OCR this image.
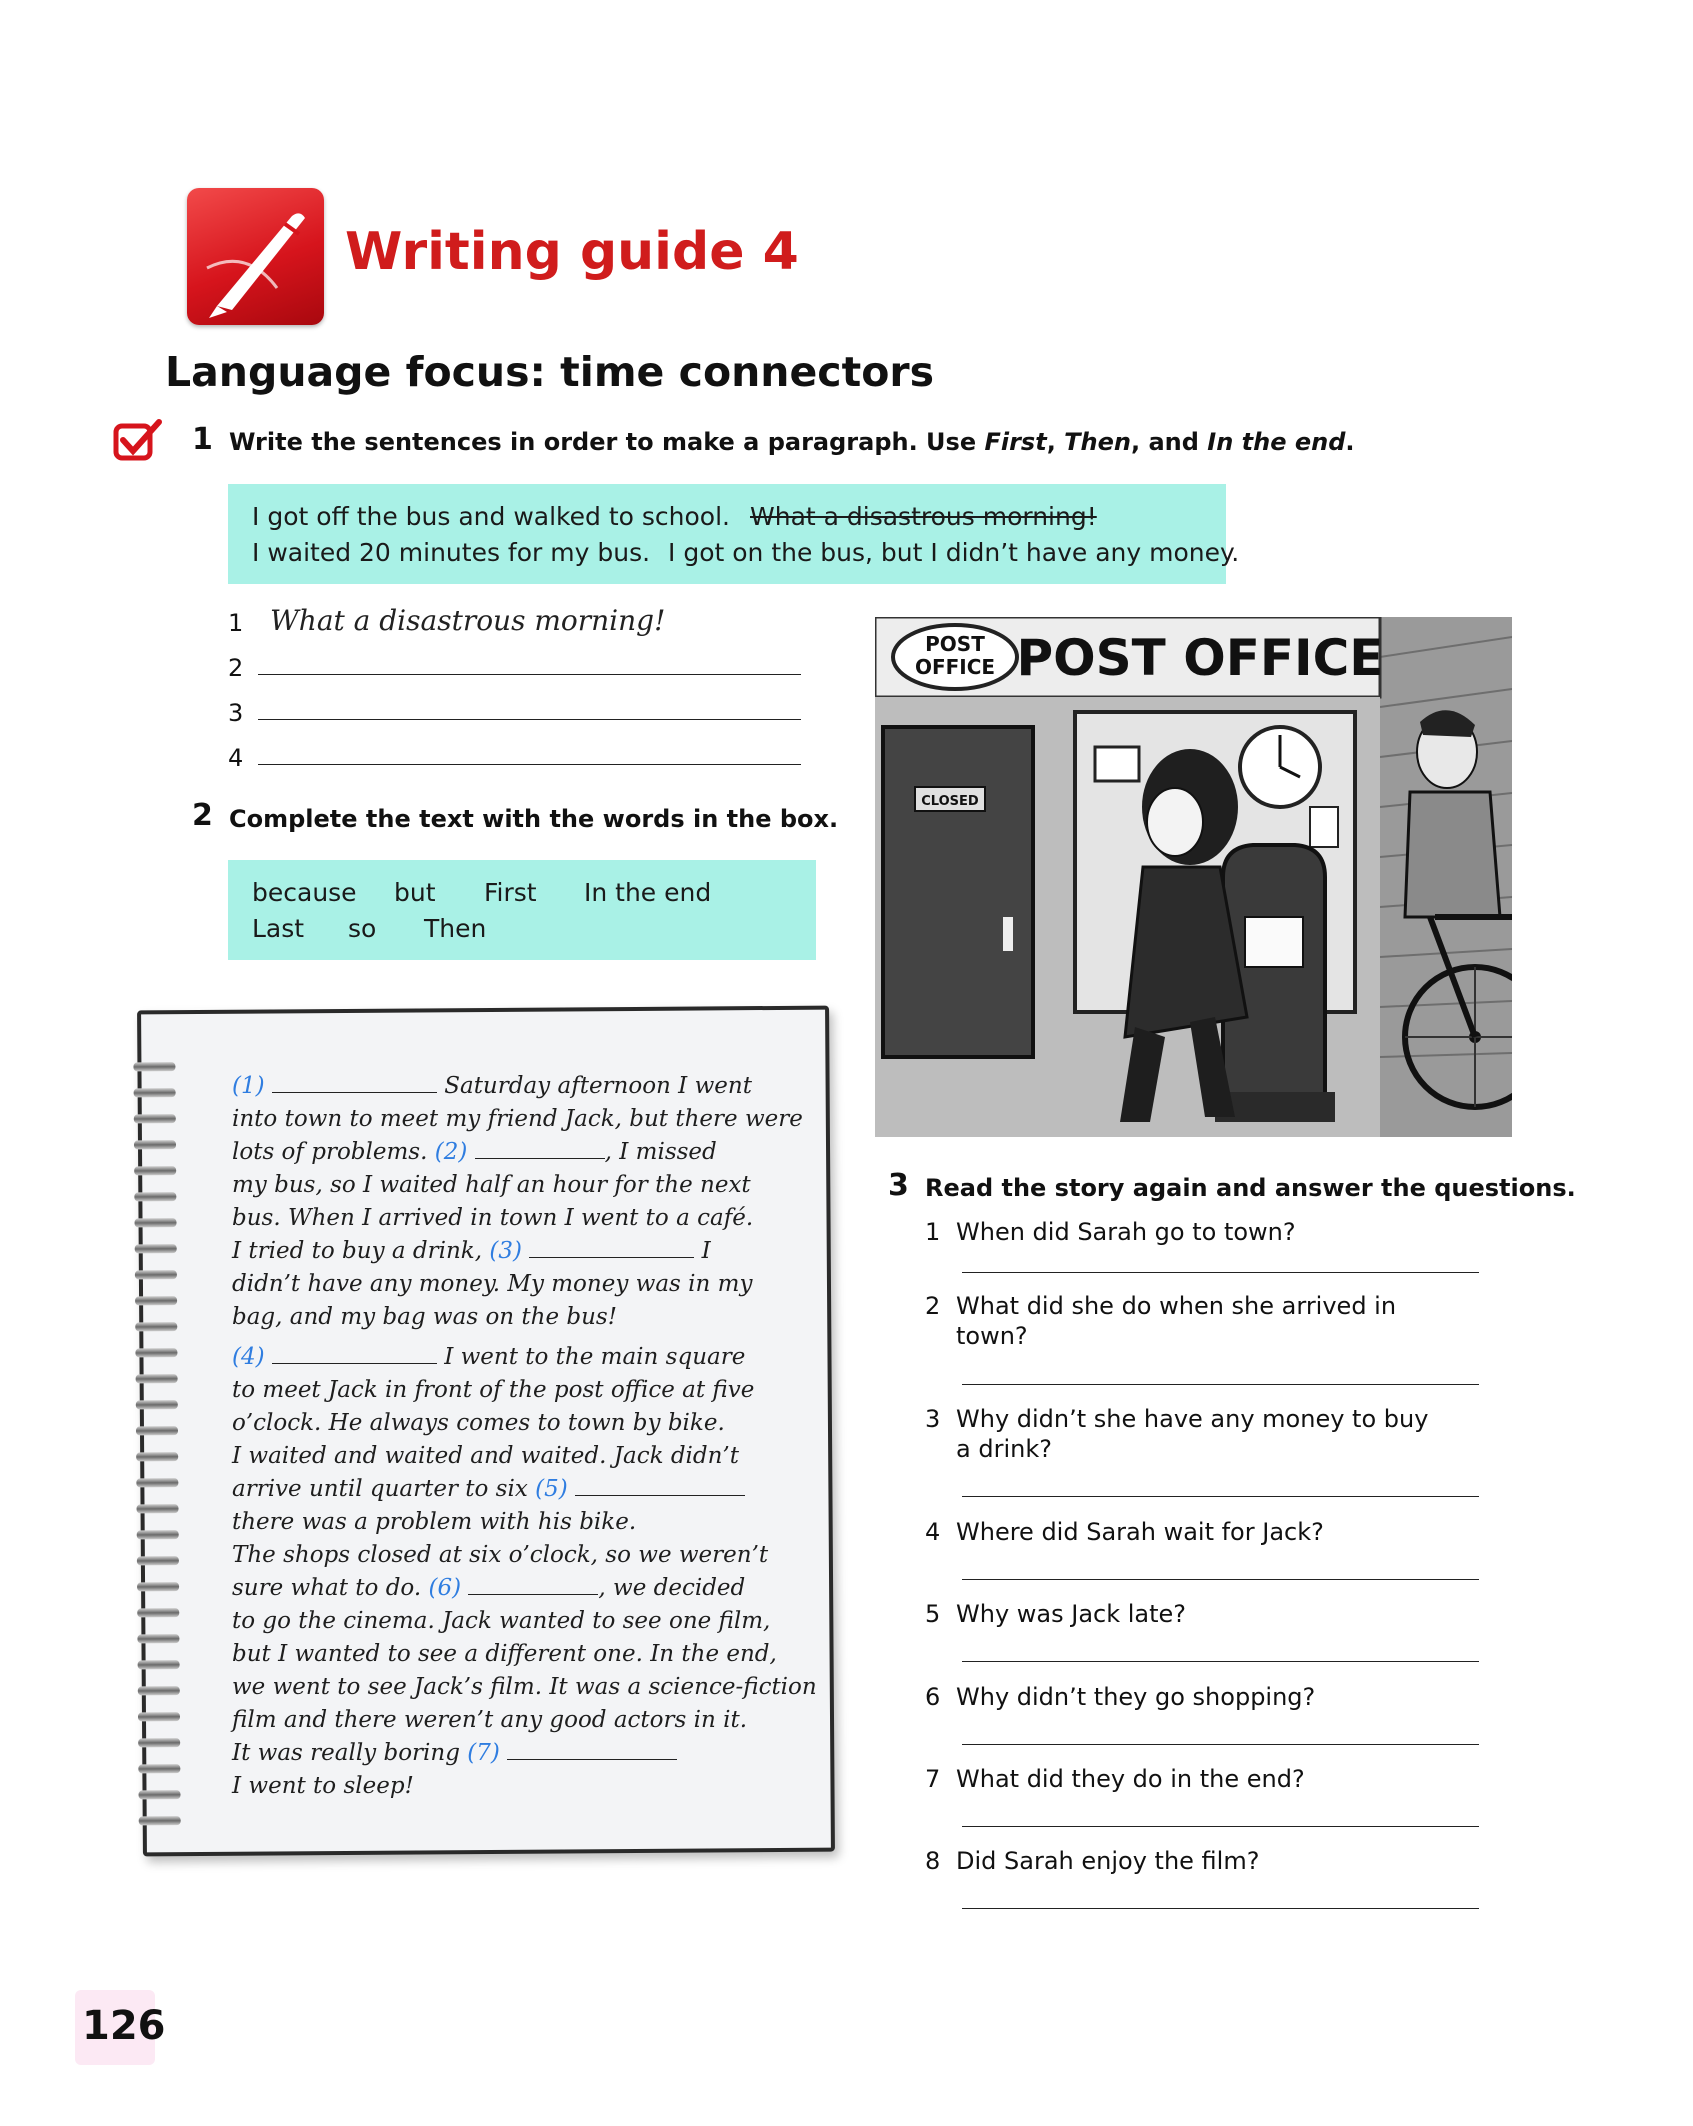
Writing guide 4
Language focus: time connectors
1 Write the sentences in order to make a paragraph. Use First, Then, and In the end.
I got off the bus and walked to school. What a disastrous morning!
I waited 20 minutes for my bus. I got on the bus, but I didn’t have any money.
1 What a disastrous morning!
2
3
4
2 Complete the text with the words in the box.
because but First In the end
Last so Then
(1)	Saturday afternoon I went
into town to meet my friend Jack, but there were
lots of problems. (2)	, I missed
my bus, so I waited half an hour for the next
bus. When I arrived in town I went to a café.
I tried to buy a drink, (3)	I
didn’t have any money. My money was in my
bag, and my bag was on the bus!
(4)	I went to the main square
to meet Jack in front of the post office at five
o’clock. He always comes to town by bike.
I waited and waited and waited. Jack didn’t
arrive until quarter to six (5)
there was a problem with his bike.
The shops closed at six o’clock, so we weren’t
sure what to do. (6)	, we decided
to go the cinema. Jack wanted to see one film,
but I wanted to see a different one. In the end,
we went to see Jack’s film. It was a science-fiction
film and there weren’t any good actors in it.
It was really boring (7)
I went to sleep!
POST
OFFICE POST OFFICE
CLOSED
3 Read the story again and answer the questions.
1 When did Sarah go to town?
2 What did she do when she arrived in
town?
3 Why didn’t she have any money to buy
a drink?
4 Where did Sarah wait for Jack?
5 Why was Jack late?
6 Why didn’t they go shopping?
7 What did they do in the end?
8 Did Sarah enjoy the film?
126
